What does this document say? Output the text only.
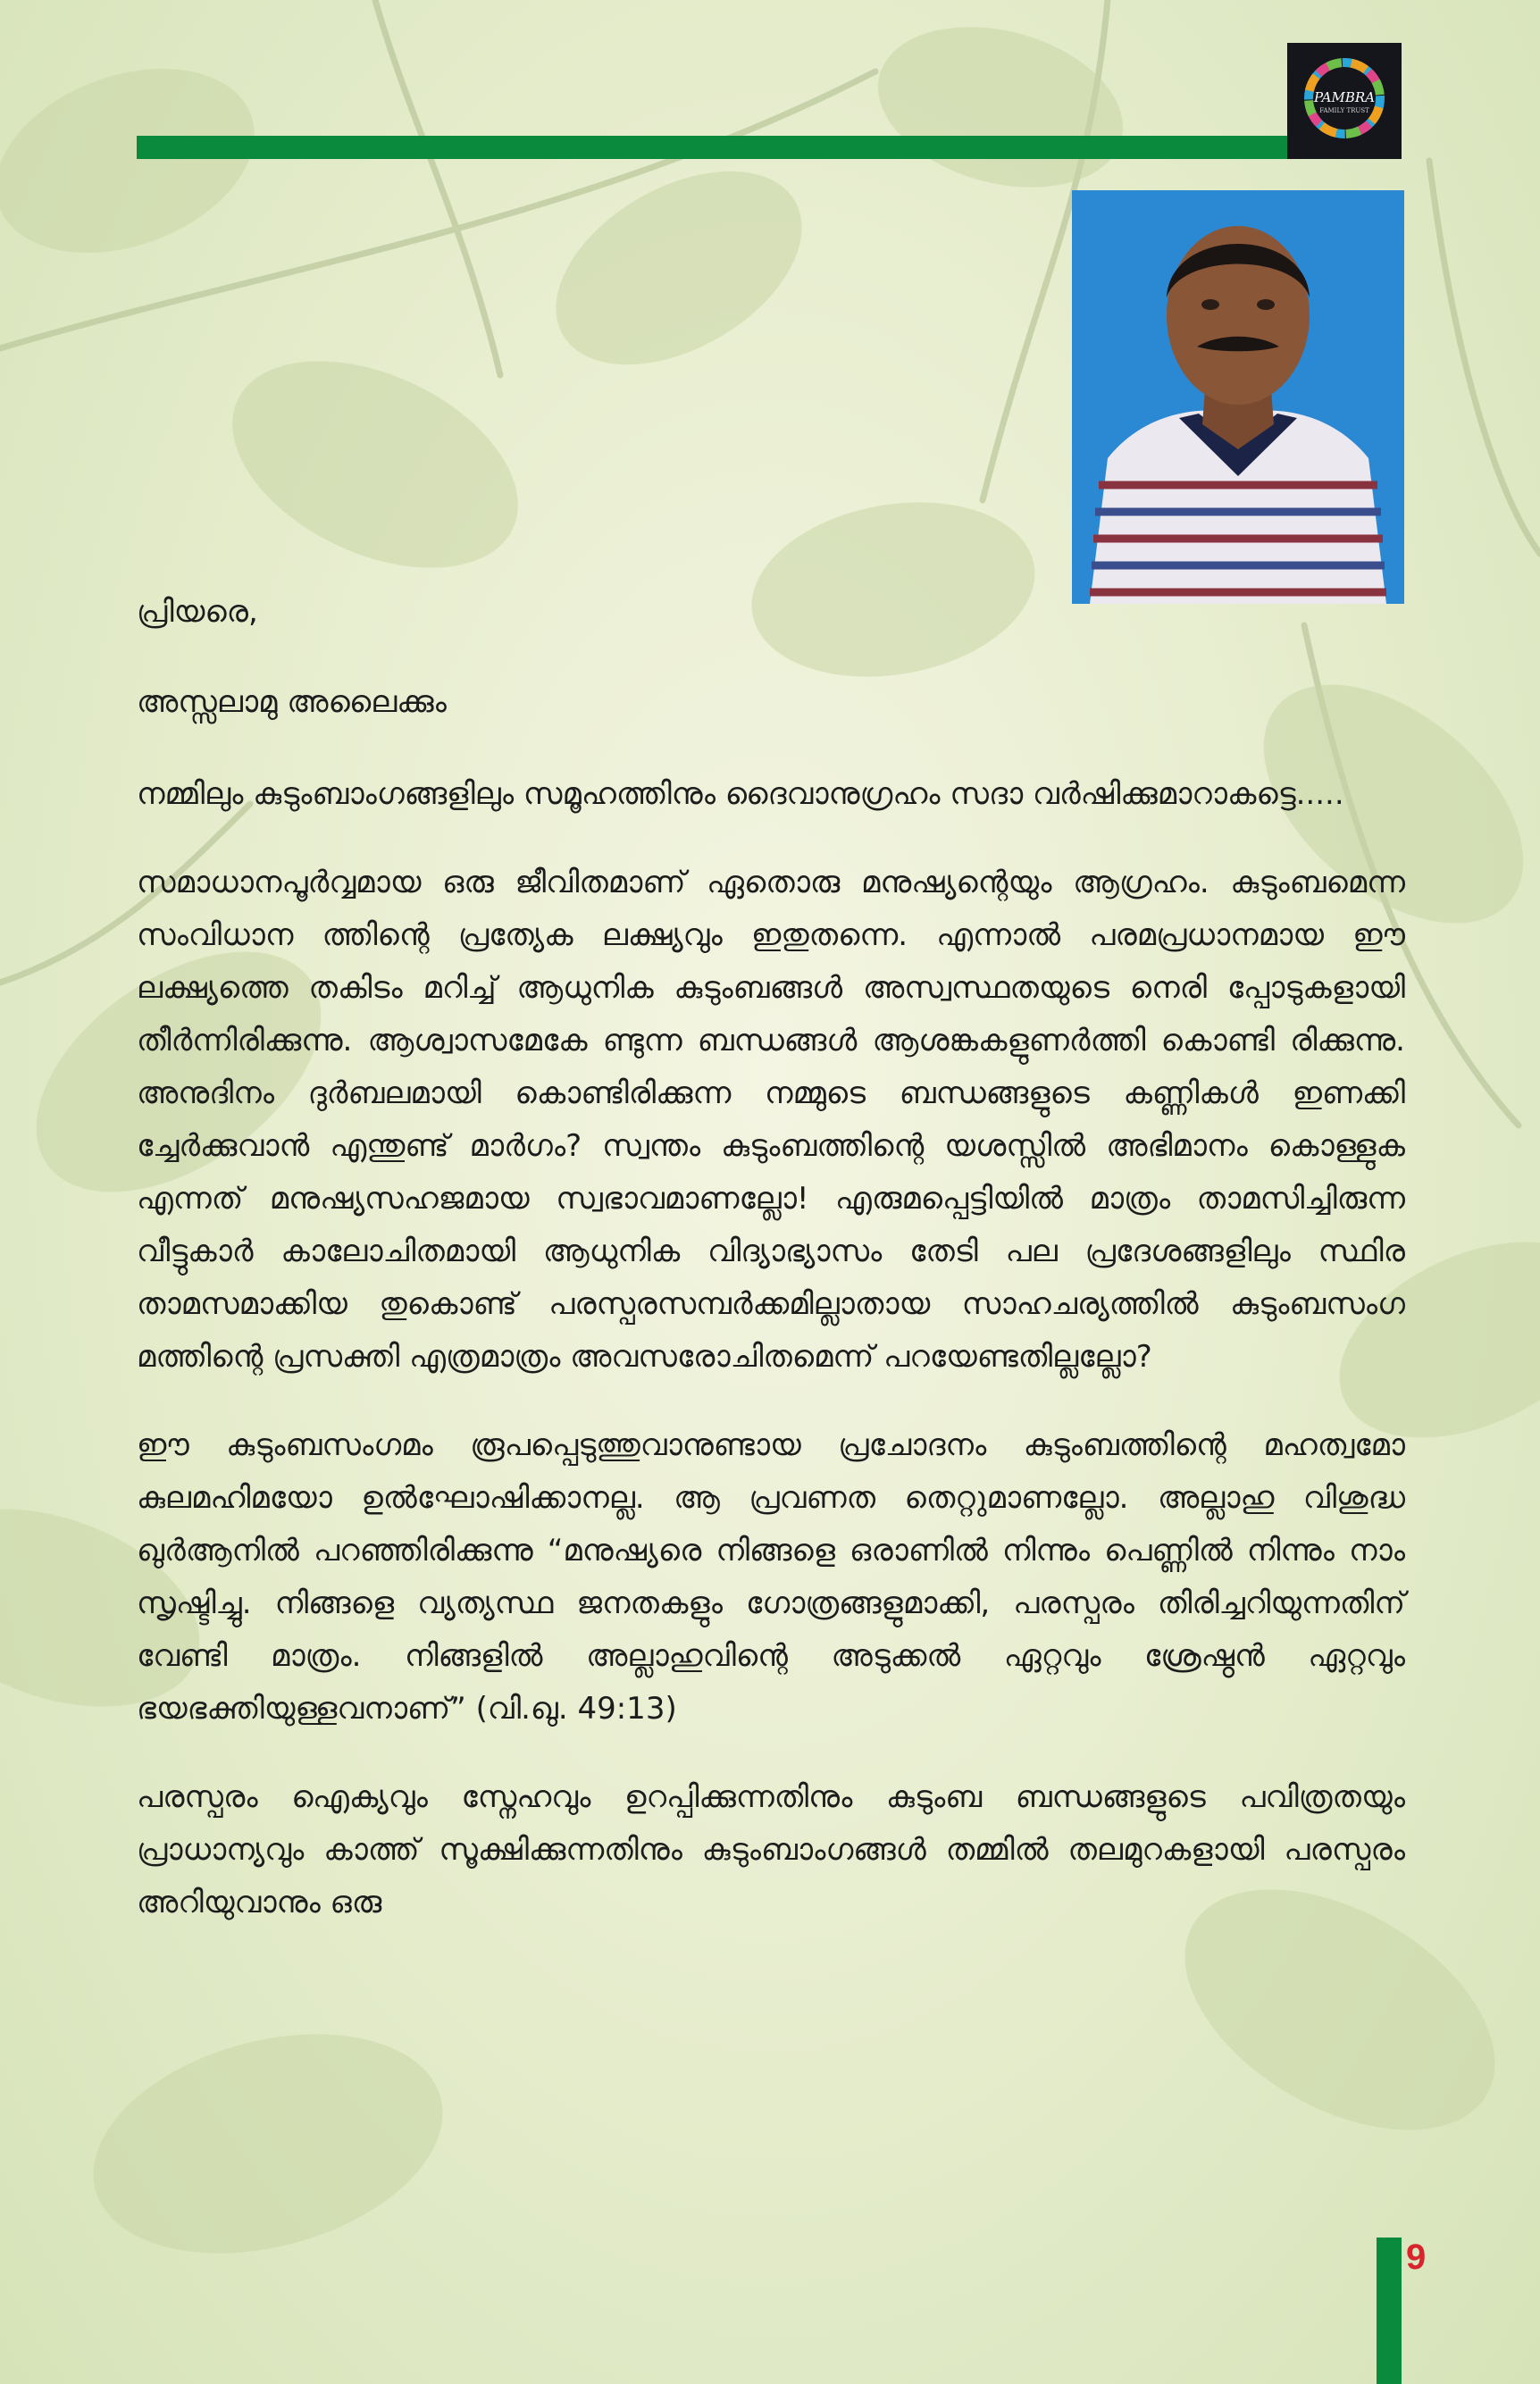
PAMBRA
FAMILY TRUST
പ്രിയരെ,
അസ്സലാമു അലൈക്കും

നമ്മിലും കുടുംബാംഗങ്ങളിലും സമൂഹത്തിനും ദൈവാനുഗ്രഹം സദാ വർഷിക്കുമാറാകട്ടെ.....

സമാധാനപൂർവ്വമായ ഒരു ജീവിതമാണ് ഏതൊരു മനുഷ്യന്റെയും ആഗ്രഹം. കുടുംബമെന്ന സംവിധാന ത്തിന്റെ പ്രത്യേക ലക്ഷ്യവും ഇതുതന്നെ. എന്നാൽ പരമപ്രധാനമായ ഈ ലക്ഷ്യത്തെ തകിടം മറിച്ച് ആധുനിക കുടുംബങ്ങൾ അസ്വസ്ഥതയുടെ നെരി പ്പോടുകളായി തീർന്നിരിക്കുന്നു. ആശ്വാസമേകേ ണ്ടുന്ന ബന്ധങ്ങൾ ആശങ്കകളുണർത്തി കൊണ്ടി രിക്കുന്നു. അനുദിനം ദുർബലമായി കൊണ്ടിരിക്കുന്ന നമ്മുടെ ബന്ധങ്ങളുടെ കണ്ണികൾ ഇണക്കി ച്ചേർക്കുവാൻ എന്തുണ്ട് മാർഗം? സ്വന്തം കുടുംബത്തിന്റെ യശസ്സിൽ അഭിമാനം കൊള്ളുക എന്നത് മനുഷ്യസഹജമായ സ്വഭാവമാണല്ലോ! എരുമപ്പെട്ടിയിൽ മാത്രം താമസിച്ചിരുന്ന വീട്ടുകാർ കാലോചിതമായി ആധുനിക വിദ്യാഭ്യാസം തേടി പല പ്രദേശങ്ങളിലും സ്ഥിര താമസമാക്കിയ തുകൊണ്ട് പരസ്പരസമ്പർക്കമില്ലാതായ സാഹചര്യത്തിൽ കുടുംബസംഗ മത്തിന്റെ പ്രസക്തി എത്രമാത്രം അവസരോചിതമെന്ന് പറയേണ്ടതില്ലല്ലോ?

ഈ കുടുംബസംഗമം രൂപപ്പെടുത്തുവാനുണ്ടായ പ്രചോദനം കുടുംബത്തിന്റെ മഹത്വമോ കുലമഹിമയോ ഉൽഘോഷിക്കാനല്ല. ആ പ്രവണത തെറ്റുമാണല്ലോ. അല്ലാഹു വിശുദ്ധ ഖുർആനിൽ പറഞ്ഞിരിക്കുന്നു “മനുഷ്യരെ നിങ്ങളെ ഒരാണിൽ നിന്നും പെണ്ണിൽ നിന്നും നാം സൃഷ്ടിച്ചു. നിങ്ങളെ വ്യത്യസ്ഥ ജനതകളും ഗോത്രങ്ങളുമാക്കി, പരസ്പരം തിരിച്ചറിയുന്നതിന് വേണ്ടി മാത്രം. നിങ്ങളിൽ അല്ലാഹുവിന്റെ അടുക്കൽ ഏറ്റവും ശ്രേഷ്ഠൻ ഏറ്റവും ഭയഭക്തിയുള്ളവനാണ്” (വി.ഖു. 49:13)

പരസ്പരം ഐക്യവും സ്നേഹവും ഉറപ്പിക്കുന്നതിനും കുടുംബ ബന്ധങ്ങളുടെ പവിത്രതയും പ്രാധാന്യവും കാത്ത് സൂക്ഷിക്കുന്നതിനും കുടുംബാംഗങ്ങൾ തമ്മിൽ തലമുറകളായി പരസ്പരം അറിയുവാനും ഒരു

9
